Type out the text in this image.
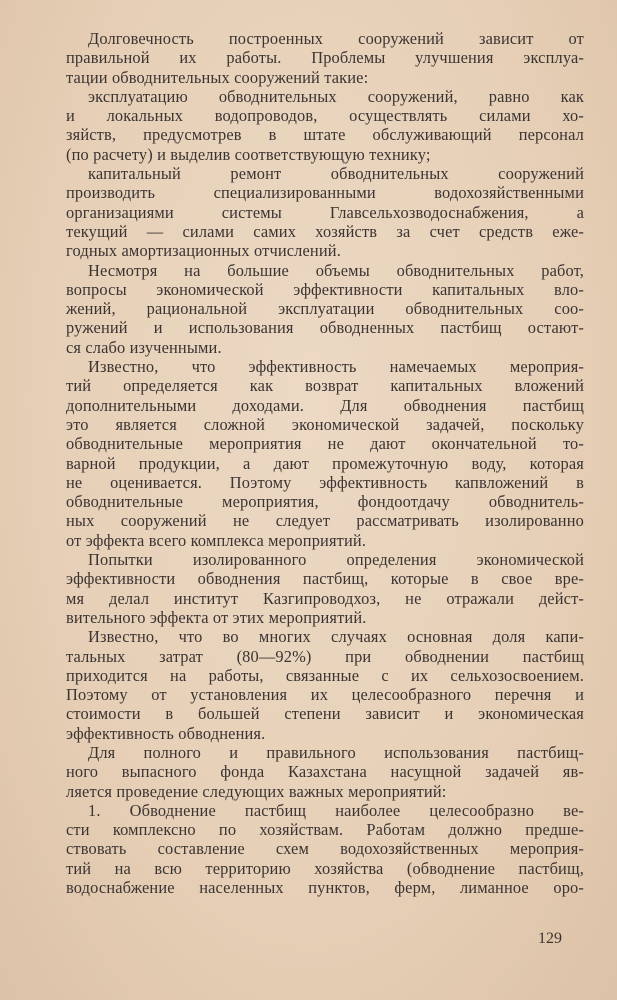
Долговечность построенных сооружений зависит от
правильной их работы. Проблемы улучшения эксплуа-
тации обводнительных сооружений такие:
эксплуатацию обводнительных сооружений, равно как
и локальных водопроводов, осуществлять силами хо-
зяйств, предусмотрев в штате обслуживающий персонал
(по расчету) и выделив соответствующую технику;
капитальный ремонт обводнительных сооружений
производить специализированными водохозяйственными
организациями системы Главсельхозводоснабжения, а
текущий — силами самих хозяйств за счет средств еже-
годных амортизационных отчислений.
Несмотря на большие объемы обводнительных работ,
вопросы экономической эффективности капитальных вло-
жений, рациональной эксплуатации обводнительных соо-
ружений и использования обводненных пастбищ остают-
ся слабо изученными.
Известно, что эффективность намечаемых мероприя-
тий определяется как возврат капитальных вложений
дополнительными доходами. Для обводнения пастбищ
это является сложной экономической задачей, поскольку
обводнительные мероприятия не дают окончательной то-
варной продукции, а дают промежуточную воду, которая
не оценивается. Поэтому эффективность капвложений в
обводнительные мероприятия, фондоотдачу обводнитель-
ных сооружений не следует рассматривать изолированно
от эффекта всего комплекса мероприятий.
Попытки изолированного определения экономической
эффективности обводнения пастбищ, которые в свое вре-
мя делал институт Казгипроводхоз, не отражали дейст-
вительного эффекта от этих мероприятий.
Известно, что во многих случаях основная доля капи-
тальных затрат (80—92%) при обводнении пастбищ
приходится на работы, связанные с их сельхозосвоением.
Поэтому от установления их целесообразного перечня и
стоимости в большей степени зависит и экономическая
эффективность обводнения.
Для полного и правильного использования пастбищ-
ного выпасного фонда Казахстана насущной задачей яв-
ляется проведение следующих важных мероприятий:
1. Обводнение пастбищ наиболее целесообразно ве-
сти комплексно по хозяйствам. Работам должно предше-
ствовать составление схем водохозяйственных мероприя-
тий на всю территорию хозяйства (обводнение пастбищ,
водоснабжение населенных пунктов, ферм, лиманное оро-
129
